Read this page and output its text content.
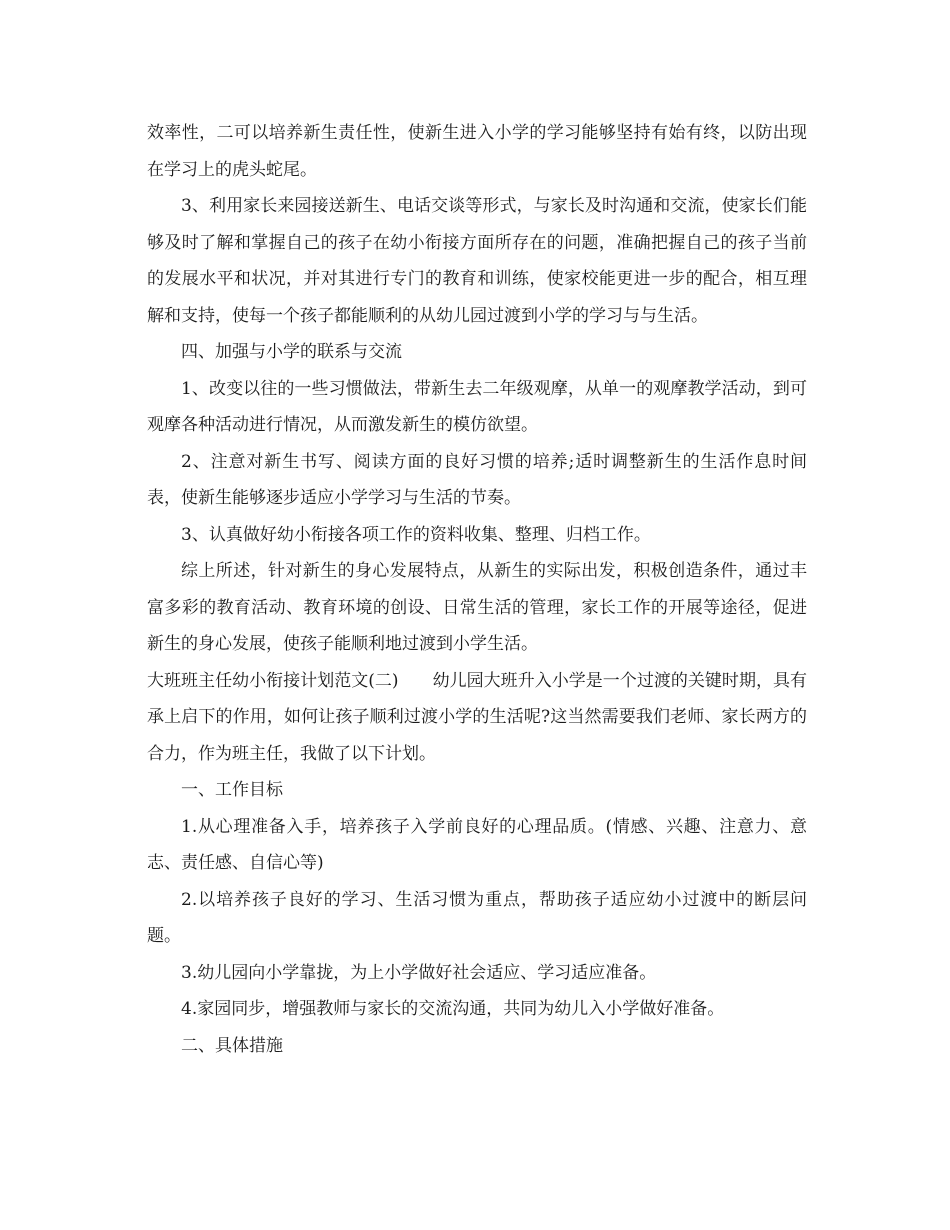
效率性，二可以培养新生责任性，使新生进入小学的学习能够坚持有始有终，以防出现在学习上的虎头蛇尾。

3、利用家长来园接送新生、电话交谈等形式，与家长及时沟通和交流，使家长们能够及时了解和掌握自己的孩子在幼小衔接方面所存在的问题，准确把握自己的孩子当前的发展水平和状况，并对其进行专门的教育和训练，使家校能更进一步的配合，相互理解和支持，使每一个孩子都能顺利的从幼儿园过渡到小学的学习与与生活。

四、加强与小学的联系与交流

1、改变以往的一些习惯做法，带新生去二年级观摩，从单一的观摩教学活动，到可观摩各种活动进行情况，从而激发新生的模仿欲望。

2、注意对新生书写、阅读方面的良好习惯的培养;适时调整新生的生活作息时间表，使新生能够逐步适应小学学习与生活的节奏。

3、认真做好幼小衔接各项工作的资料收集、整理、归档工作。

综上所述，针对新生的身心发展特点，从新生的实际出发，积极创造条件，通过丰富多彩的教育活动、教育环境的创设、日常生活的管理，家长工作的开展等途径，促进新生的身心发展，使孩子能顺利地过渡到小学生活。

大班班主任幼小衔接计划范文(二)　　幼儿园大班升入小学是一个过渡的关键时期，具有承上启下的作用，如何让孩子顺利过渡小学的生活呢?这当然需要我们老师、家长两方的合力，作为班主任，我做了以下计划。

一、工作目标

1.从心理准备入手，培养孩子入学前良好的心理品质。(情感、兴趣、注意力、意志、责任感、自信心等)

2.以培养孩子良好的学习、生活习惯为重点，帮助孩子适应幼小过渡中的断层问题。

3.幼儿园向小学靠拢，为上小学做好社会适应、学习适应准备。

4.家园同步，增强教师与家长的交流沟通，共同为幼儿入小学做好准备。

二、具体措施
